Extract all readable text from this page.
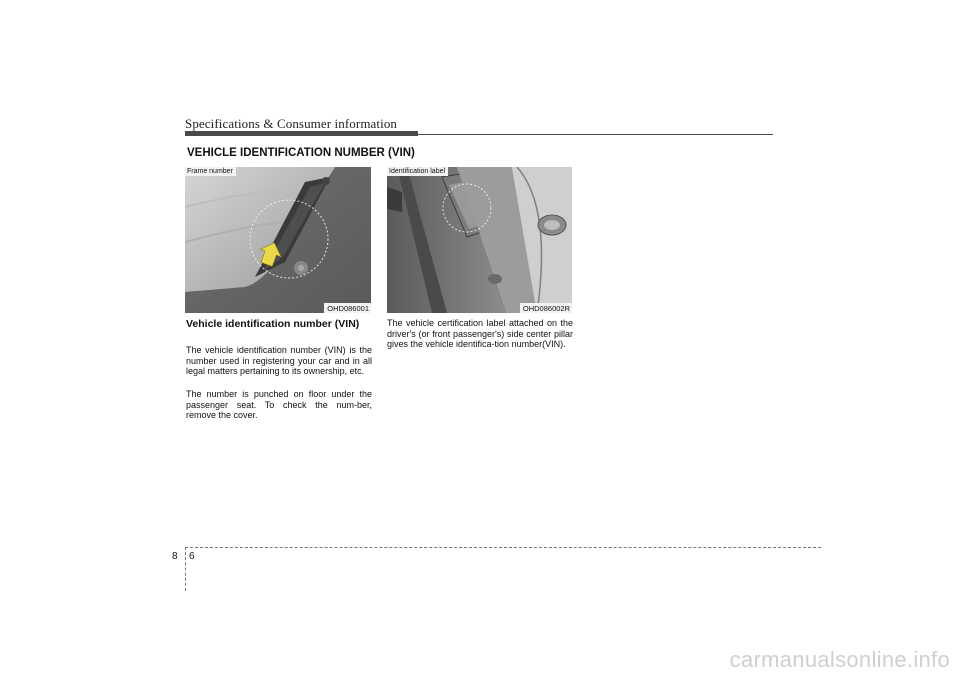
Specifications & Consumer information
VEHICLE IDENTIFICATION NUMBER (VIN)
Frame number
OHD086001
Identification label
OHD086002R
Vehicle identification number (VIN)

The vehicle identification number (VIN) is the number used in registering your car and in all legal matters pertaining to its ownership, etc.

The number is punched on floor under the passenger seat. To check the num-ber, remove the cover.

The vehicle certification label attached on the driver's (or front passenger's) side center pillar gives the vehicle identifica-tion number(VIN).

8 6
carmanualsonline.info
